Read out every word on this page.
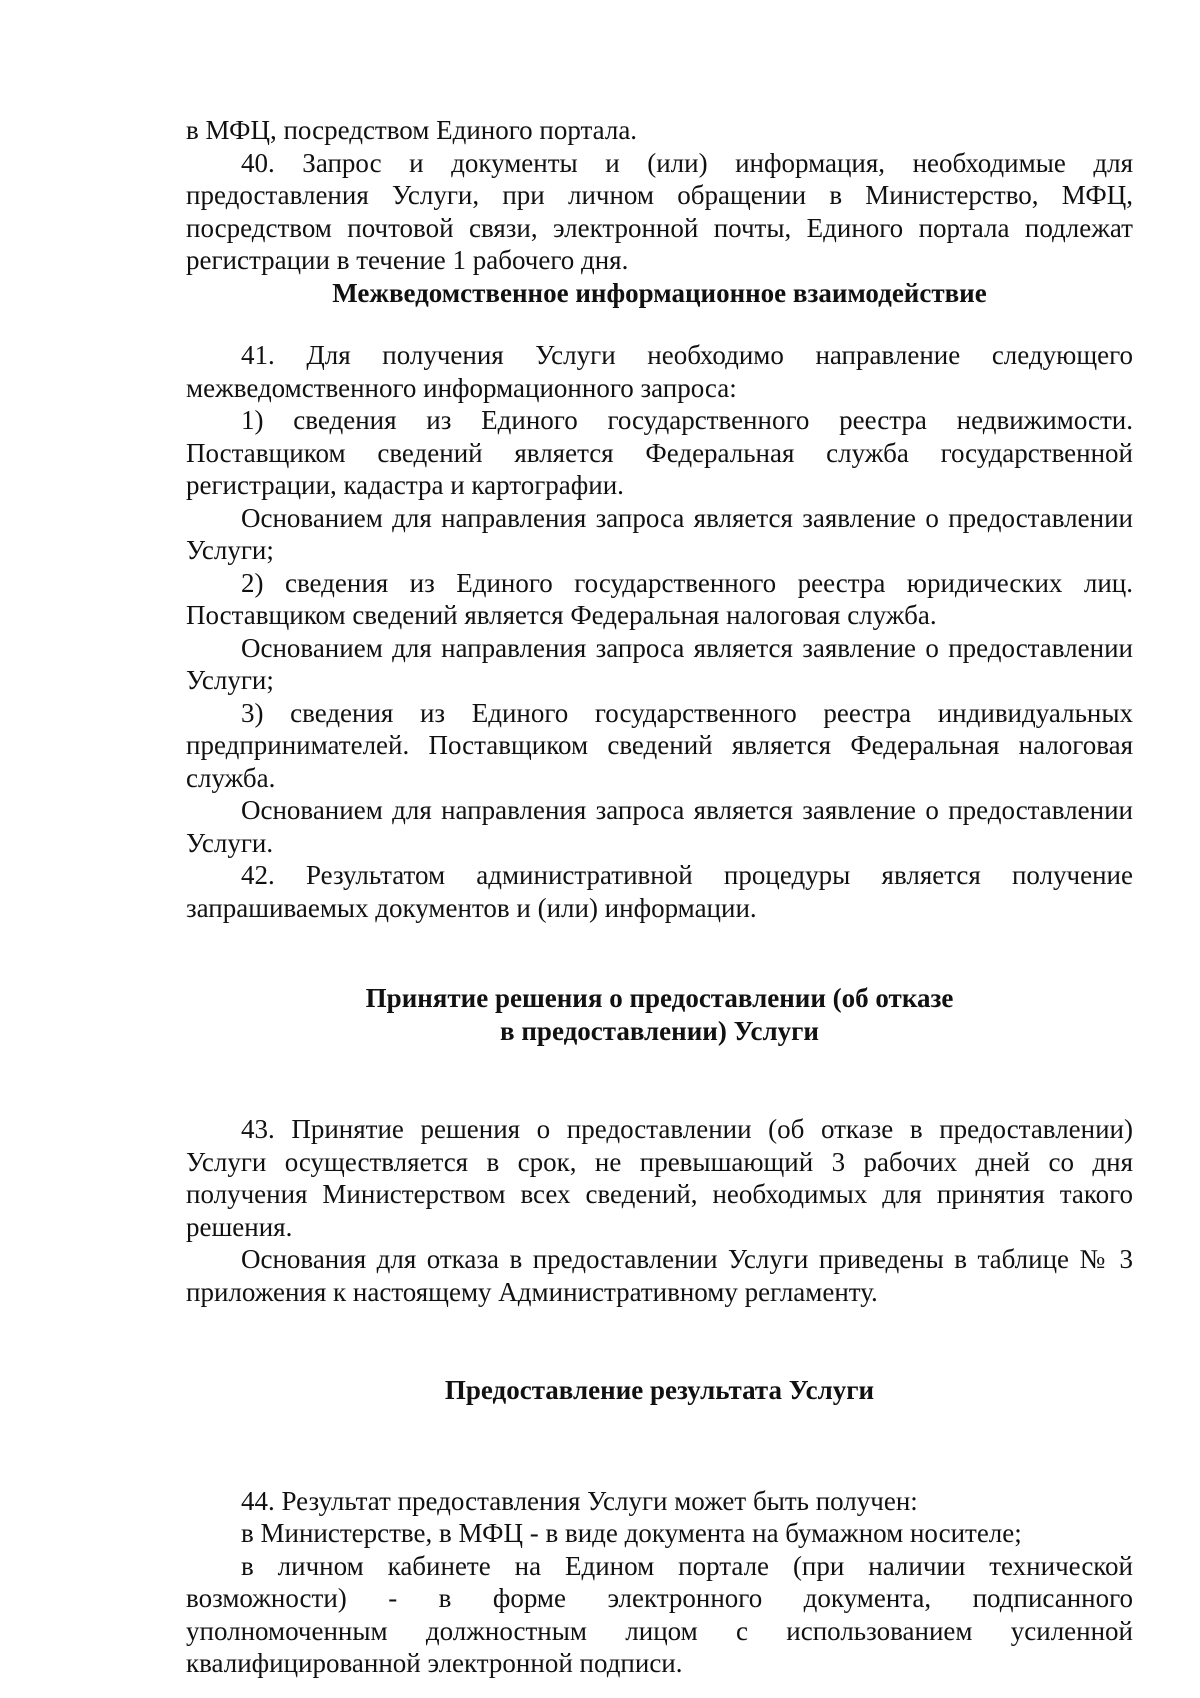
в МФЦ, посредством Единого портала.

40. Запрос и документы и (или) информация, необходимые для предоставления Услуги, при личном обращении в Министерство, МФЦ, посредством почтовой связи, электронной почты, Единого портала подлежат регистрации в течение 1 рабочего дня.

Межведомственное информационное взаимодействие

41. Для получения Услуги необходимо направление следующего межведомственного информационного запроса:

1) сведения из Единого государственного реестра недвижимости. Поставщиком сведений является Федеральная служба государственной регистрации, кадастра и картографии.

Основанием для направления запроса является заявление о предоставлении Услуги;

2) сведения из Единого государственного реестра юридических лиц. Поставщиком сведений является Федеральная налоговая служба.

Основанием для направления запроса является заявление о предоставлении Услуги;

3) сведения из Единого государственного реестра индивидуальных предпринимателей. Поставщиком сведений является Федеральная налоговая служба.

Основанием для направления запроса является заявление о предоставлении Услуги.

42. Результатом административной процедуры является получение запрашиваемых документов и (или) информации.

Принятие решения о предоставлении (об отказе
в предоставлении) Услуги

43. Принятие решения о предоставлении (об отказе в предоставлении) Услуги осуществляется в срок, не превышающий 3 рабочих дней со дня получения Министерством всех сведений, необходимых для принятия такого решения.

Основания для отказа в предоставлении Услуги приведены в таблице № 3 приложения к настоящему Административному регламенту.

Предоставление результата Услуги

44. Результат предоставления Услуги может быть получен:

в Министерстве, в МФЦ - в виде документа на бумажном носителе;

в личном кабинете на Едином портале (при наличии технической возможности) - в форме электронного документа, подписанного уполномоченным должностным лицом с использованием усиленной квалифицированной электронной подписи.
